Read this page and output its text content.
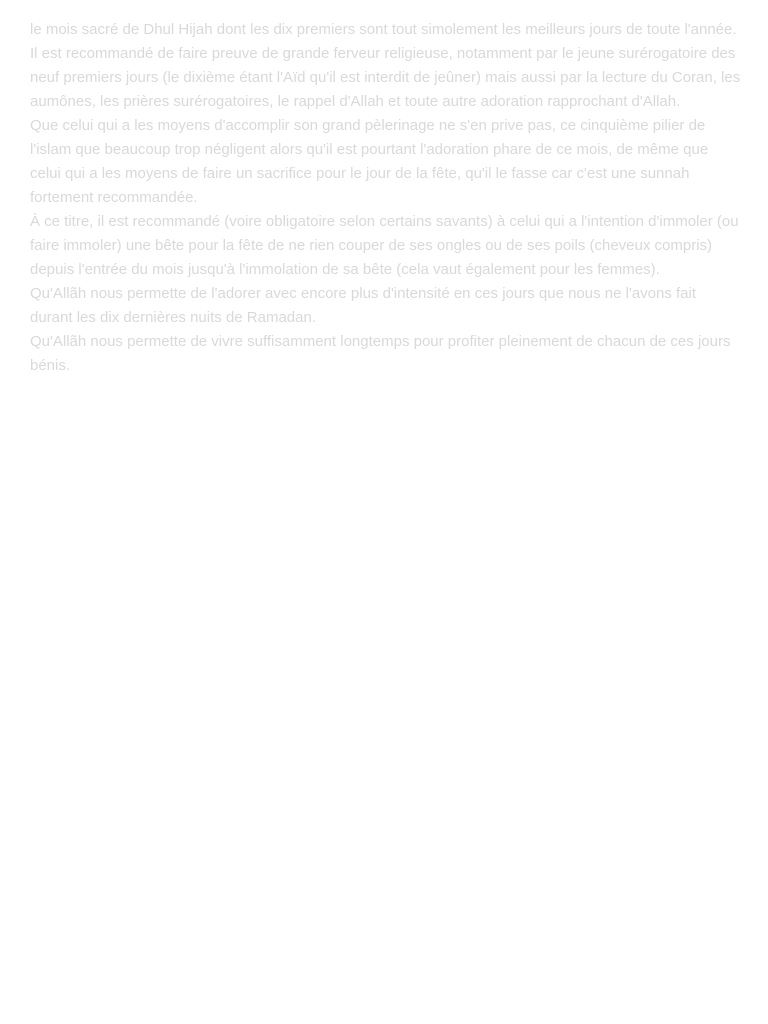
le mois sacré de Dhul Hijah dont les dix premiers sont tout simolement les meilleurs jours de toute l'année.

Il est recommandé de faire preuve de grande ferveur religieuse, notamment par le jeune surérogatoire des neuf premiers jours (le dixième étant l'Aïd qu'il est interdit de jeûner) mais aussi par la lecture du Coran, les aumônes, les prières surérogatoires, le rappel d'Allah et toute autre adoration rapprochant d'Allah.

Que celui qui a les moyens d'accomplir son grand pèlerinage ne s'en prive pas, ce cinquième pilier de l'islam que beaucoup trop négligent alors qu'il est pourtant l'adoration phare de ce mois, de même que celui qui a les moyens de faire un sacrifice pour le jour de la fête, qu'il le fasse car c'est une sunnah fortement recommandée.

À ce titre, il est recommandé (voire obligatoire selon certains savants) à celui qui a l'intention d'immoler (ou faire immoler) une bête pour la fête de ne rien couper de ses ongles ou de ses poils (cheveux compris) depuis l'entrée du mois jusqu'à l'immolation de sa bête (cela vaut également pour les femmes).

Qu'Allãh nous permette de l'adorer avec encore plus d'intensité en ces jours que nous ne l'avons fait durant les dix dernières nuits de Ramadan.

Qu'Allãh nous permette de vivre suffisamment longtemps pour profiter pleinement de chacun de ces jours bénis.
